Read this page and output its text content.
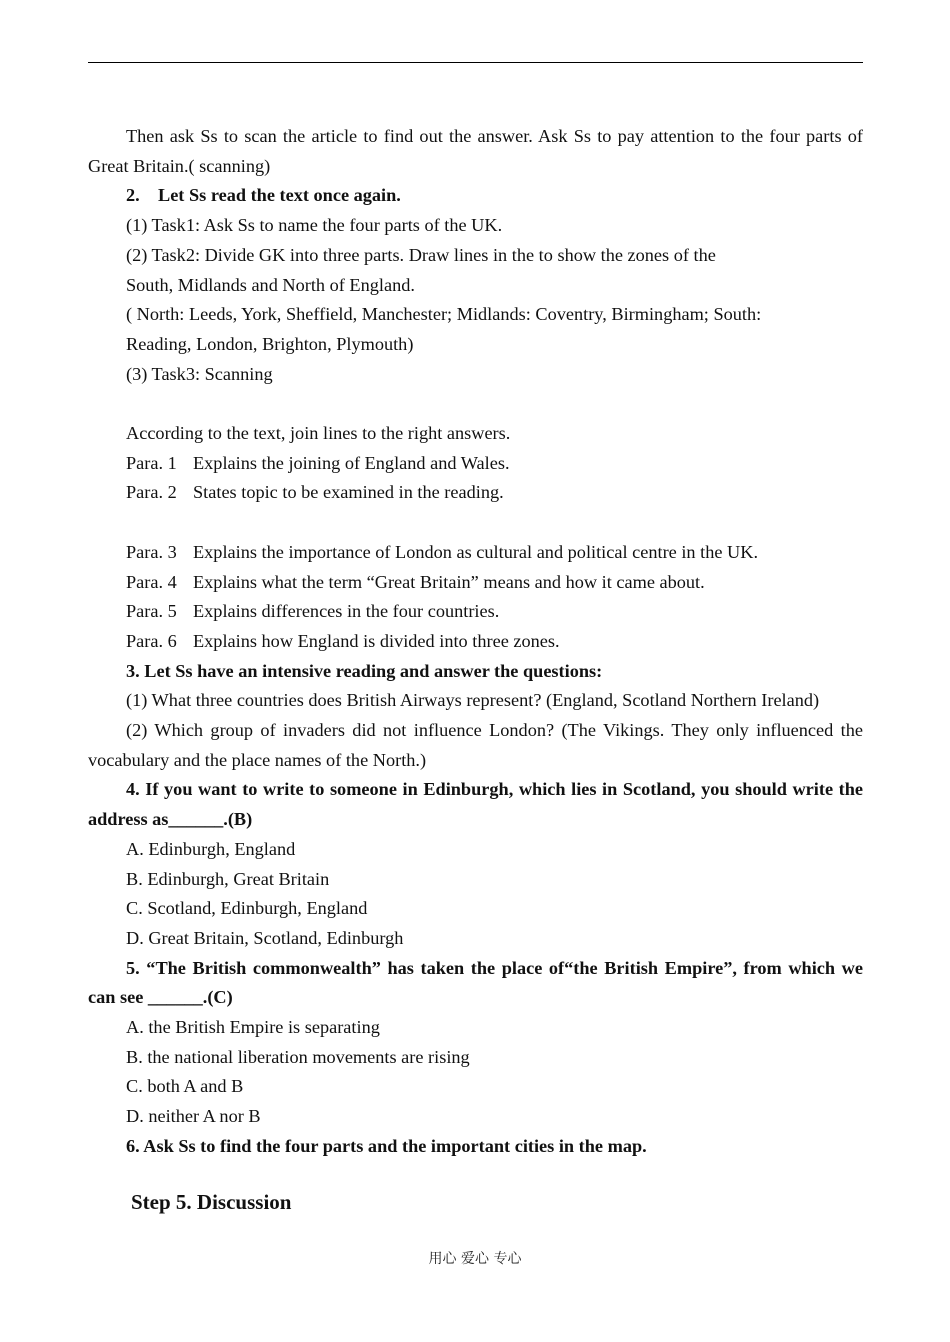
Then ask Ss to scan the article to find out the answer. Ask Ss to pay attention to the four parts of Great Britain.( scanning)

2. Let Ss read the text once again.

(1) Task1: Ask Ss to name the four parts of the UK.

(2) Task2: Divide GK into three parts. Draw lines in the to show the zones of the

South, Midlands and North of England.

( North: Leeds, York, Sheffield, Manchester; Midlands: Coventry, Birmingham; South:

Reading, London, Brighton, Plymouth)

(3) Task3: Scanning

According to the text, join lines to the right answers.

Para. 1 Explains the joining of England and Wales.

Para. 2 States topic to be examined in the reading.

Para. 3 Explains the importance of London as cultural and political centre in the UK.

Para. 4 Explains what the term “Great Britain” means and how it came about.

Para. 5 Explains differences in the four countries.

Para. 6 Explains how England is divided into three zones.

3. Let Ss have an intensive reading and answer the questions:

(1) What three countries does British Airways represent? (England, Scotland Northern Ireland)

(2) Which group of invaders did not influence London? (The Vikings. They only influenced the vocabulary and the place names of the North.)

4. If you want to write to someone in Edinburgh, which lies in Scotland, you should write the address as______.(B)

A. Edinburgh, England

B. Edinburgh, Great Britain

C. Scotland, Edinburgh, England

D. Great Britain, Scotland, Edinburgh

5. “The British commonwealth” has taken the place of“the British Empire”, from which we can see ______.(C)

A. the British Empire is separating

B. the national liberation movements are rising

C. both A and B

D. neither A nor B

6. Ask Ss to find the four parts and the important cities in the map.

Step 5. Discussion

用心 爱心 专心
